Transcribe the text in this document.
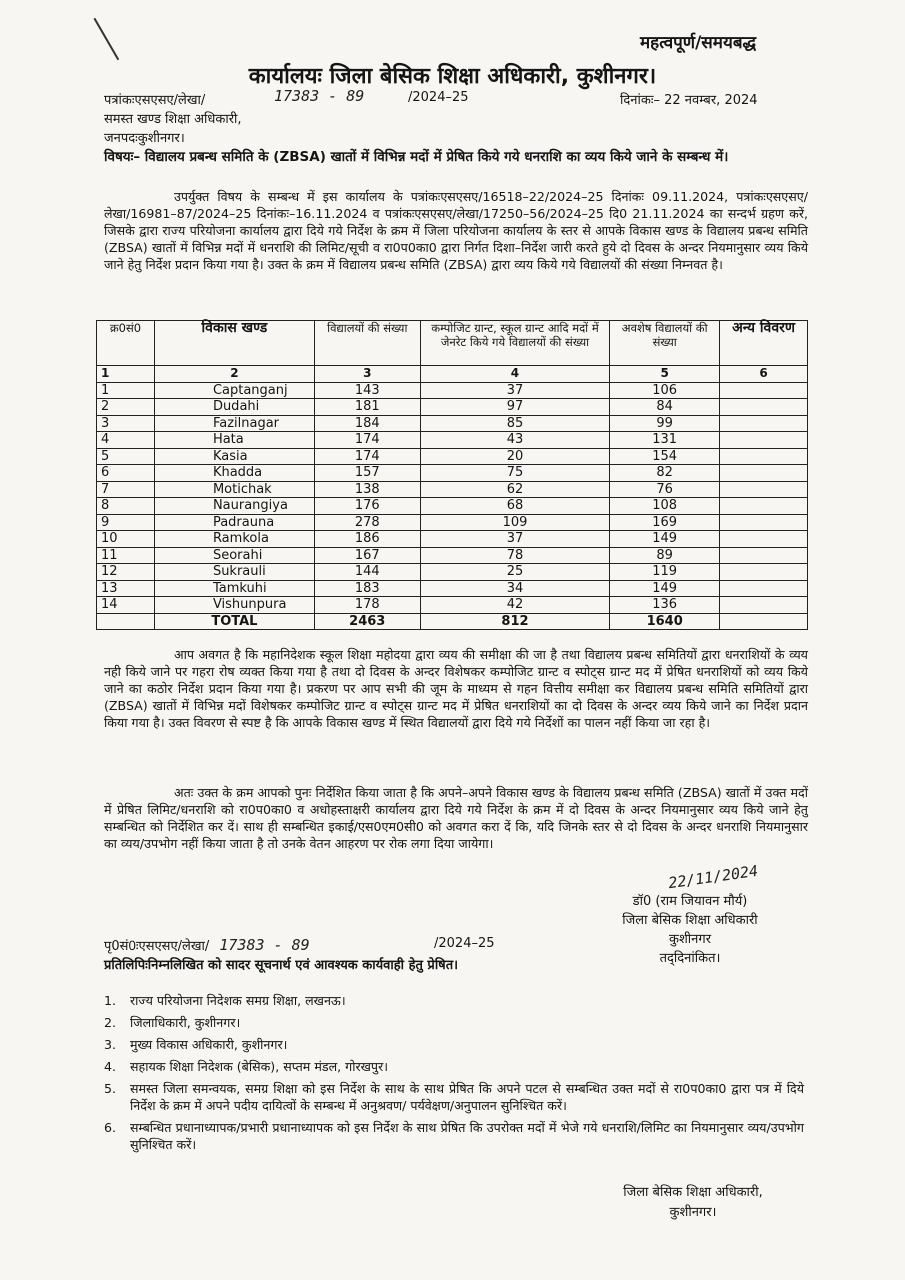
महत्वपूर्ण/समयबद्ध
कार्यालयः जिला बेसिक शिक्षा अधिकारी, कुशीनगर।
पत्रांकःएसएसए/लेखा/	17383 - 89	/2024–25	दिनांकः– 22 नवम्बर, 2024
समस्त खण्ड शिक्षा अधिकारी,
जनपदःकुशीनगर।
विषयः– विद्यालय प्रबन्ध समिति के (ZBSA) खातों में विभिन्न मदों में प्रेषित किये गये धनराशि का व्यय किये जाने के सम्बन्ध में।

उपर्युक्त विषय के सम्बन्ध में इस कार्यालय के पत्रांकःएसएसए/16518–22/2024–25 दिनांकः 09.11.2024, पत्रांकःएसएसए/लेखा/16981–87/2024–25 दिनांकः–16.11.2024 व पत्रांकःएसएसए/लेखा/17250–56/2024–25 दि0 21.11.2024 का सन्दर्भ ग्रहण करें, जिसके द्वारा राज्य परियोजना कार्यालय द्वारा दिये गये निर्देश के क्रम में जिला परियोजना कार्यालय के स्तर से आपके विकास खण्ड के विद्यालय प्रबन्ध समिति (ZBSA) खातों में विभिन्न मदों में धनराशि की लिमिट/सूची व रा0प0का0 द्वारा निर्गत दिशा–निर्देश जारी करते हुये दो दिवस के अन्दर नियमानुसार व्यय किये जाने हेतु निर्देश प्रदान किया गया है। उक्त के क्रम में विद्यालय प्रबन्ध समिति (ZBSA) द्वारा व्यय किये गये विद्यालयों की संख्या निम्नवत है।

क्र0सं0	विकास खण्ड	विद्यालयों की संख्या	कम्पोजिट ग्रान्ट, स्कूल ग्रान्ट आदि मदों में जेनरेट किये गये विद्यालयों की संख्या	अवशेष विद्यालयों की संख्या	अन्य विवरण
1	2	3	4	5	6
1	Captanganj	143	37	106	
2	Dudahi	181	97	84	
3	Fazilnagar	184	85	99	
4	Hata	174	43	131	
5	Kasia	174	20	154	
6	Khadda	157	75	82	
7	Motichak	138	62	76	
8	Naurangiya	176	68	108	
9	Padrauna	278	109	169	
10	Ramkola	186	37	149	
11	Seorahi	167	78	89	
12	Sukrauli	144	25	119	
13	Tamkuhi	183	34	149	
14	Vishunpura	178	42	136	
	TOTAL	2463	812	1640	

आप अवगत है कि महानिदेशक स्कूल शिक्षा महोदया द्वारा व्यय की समीक्षा की जा है तथा विद्यालय प्रबन्ध समितियों द्वारा धनराशियों के व्यय नही किये जाने पर गहरा रोष व्यक्त किया गया है तथा दो दिवस के अन्दर विशेषकर कम्पोजिट ग्रान्ट व स्पोट्स ग्रान्ट मद में प्रेषित धनराशियों को व्यय किये जाने का कठोर निर्देश प्रदान किया गया है। प्रकरण पर आप सभी की जूम के माध्यम से गहन वित्तीय समीक्षा कर विद्यालय प्रबन्ध समिति समितियों द्वारा (ZBSA) खातों में विभिन्न मदों विशेषकर कम्पोजिट ग्रान्ट व स्पोट्स ग्रान्ट मद में प्रेषित धनराशियों का दो दिवस के अन्दर व्यय किये जाने का निर्देश प्रदान किया गया है। उक्त विवरण से स्पष्ट है कि आपके विकास खण्ड में स्थित विद्यालयों द्वारा दिये गये निर्देशों का पालन नहीं किया जा रहा है।

अतः उक्त के क्रम आपको पुनः निर्देशित किया जाता है कि अपने–अपने विकास खण्ड के विद्यालय प्रबन्ध समिति (ZBSA) खातों में उक्त मदों में प्रेषित लिमिट/धनराशि को रा0प0का0 व अधोहस्ताक्षरी कार्यालय द्वारा दिये गये निर्देश के क्रम में दो दिवस के अन्दर नियमानुसार व्यय किये जाने हेतु सम्बन्धित को निर्देशित कर दें। साथ ही सम्बन्धित इकाई/एस0एम0सी0 को अवगत करा दें कि, यदि जिनके स्तर से दो दिवस के अन्दर धनराशि नियमानुसार का व्यय/उपभोग नहीं किया जाता है तो उनके वेतन आहरण पर रोक लगा दिया जायेगा।

22/11/2024
डॉ0 (राम जियावन मौर्य)
जिला बेसिक शिक्षा अधिकारी
कुशीनगर
तद्‌दिनांकित।
पृ0सं0ःएसएसए/लेखा/ 17383 - 89	/2024–25
प्रतिलिपिःनिम्नलिखित को सादर सूचनार्थ एवं आवश्यक कार्यवाही हेतु प्रेषित।
1.	राज्य परियोजना निदेशक समग्र शिक्षा, लखनऊ।
2.	जिलाधिकारी, कुशीनगर।
3.	मुख्य विकास अधिकारी, कुशीनगर।
4.	सहायक शिक्षा निदेशक (बेसिक), सप्तम मंडल, गोरखपुर।
5.	समस्त जिला समन्वयक, समग्र शिक्षा को इस निर्देश के साथ के साथ प्रेषित कि अपने पटल से सम्बन्धित उक्त मदों से रा0प0का0 द्वारा पत्र में दिये निर्देश के क्रम में अपने पदीय दायित्वों के सम्बन्ध में अनुश्रवण/ पर्यवेक्षण/अनुपालन सुनिश्चित करें।
6.	सम्बन्धित प्रधानाध्यापक/प्रभारी प्रधानाध्यापक को इस निर्देश के साथ प्रेषित कि उपरोक्त मदों में भेजे गये धनराशि/लिमिट का नियमानुसार व्यय/उपभोग सुनिश्चित करें।
जिला बेसिक शिक्षा अधिकारी,
कुशीनगर।
